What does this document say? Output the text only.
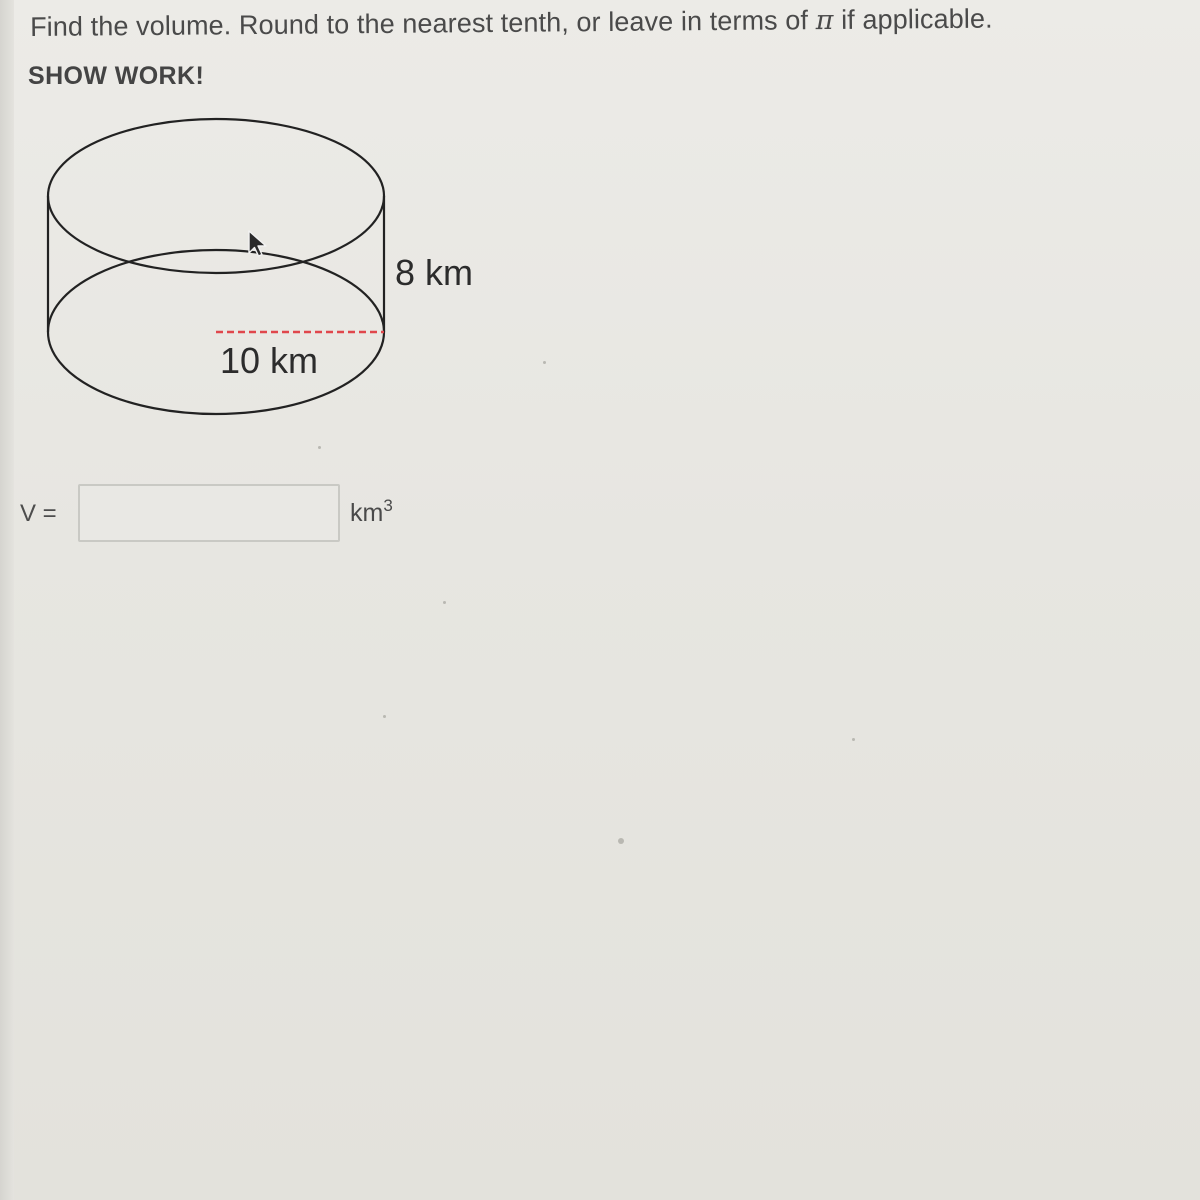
Find the volume. Round to the nearest tenth, or leave in terms of π if applicable.
SHOW WORK!
8 km
10 km
V =	$km^3$
